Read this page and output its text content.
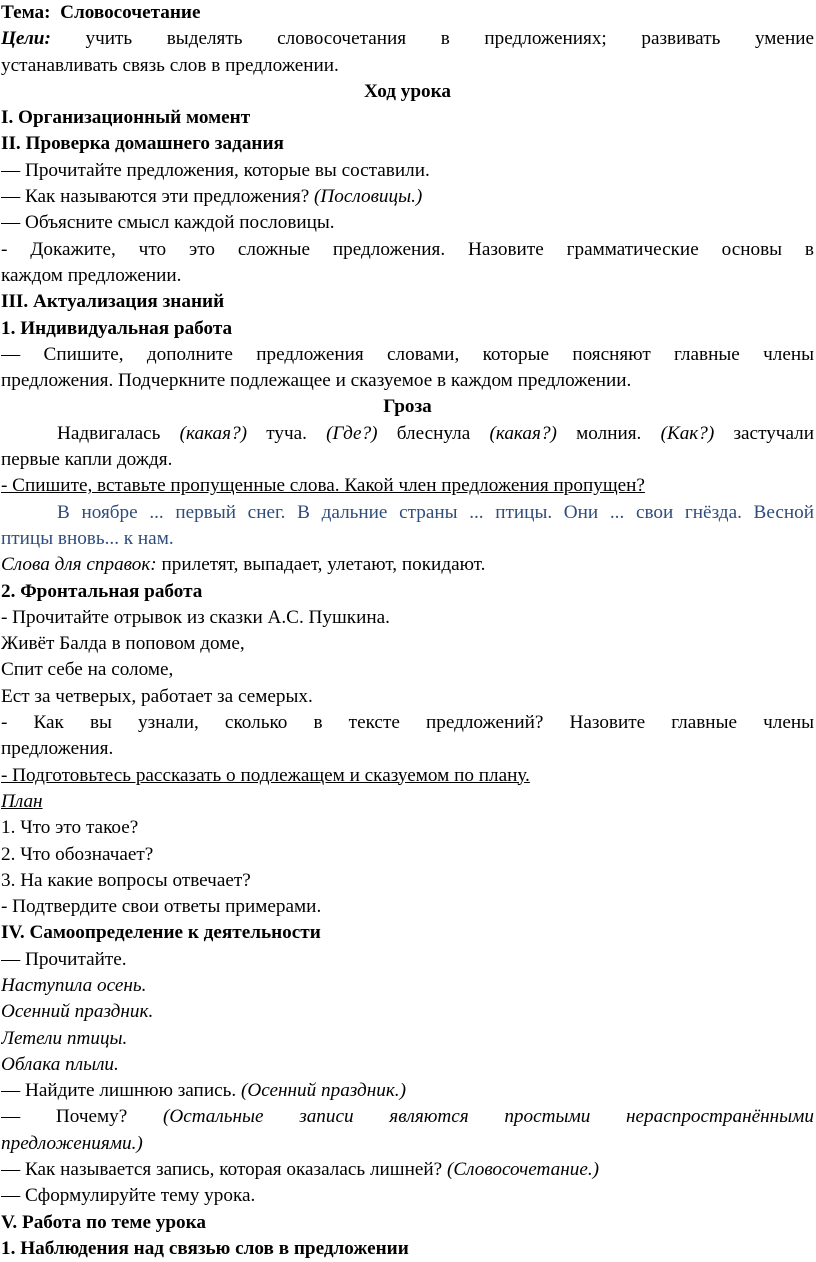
Тема: Словосочетание
Цели: учить выделять словосочетания в предложениях; развивать умение
устанавливать связь слов в предложении.
Ход урока
I. Организационный момент
II. Проверка домашнего задания
— Прочитайте предложения, которые вы составили.
— Как называются эти предложения? (Пословицы.)
— Объясните смысл каждой пословицы.
- Докажите, что это сложные предложения. Назовите грамматические основы в
каждом предложении.
III. Актуализация знаний
1. Индивидуальная работа
— Спишите, дополните предложения словами, которые поясняют главные члены
предложения. Подчеркните подлежащее и сказуемое в каждом предложении.
Гроза
Надвигалась (какая?) туча. (Где?) блеснула (какая?) молния. (Как?) застучали
первые капли дождя.
- Спишите, вставьте пропущенные слова. Какой член предложения пропущен?
В ноябре ... первый снег. В дальние страны ... птицы. Они ... свои гнёзда. Весной
птицы вновь... к нам.
Слова для справок: прилетят, выпадает, улетают, покидают.
2. Фронтальная работа
- Прочитайте отрывок из сказки А.С. Пушкина.
Живёт Балда в поповом доме,
Спит себе на соломе,
Ест за четверых, работает за семерых.
- Как вы узнали, сколько в тексте предложений? Назовите главные члены
предложения.
- Подготовьтесь рассказать о подлежащем и сказуемом по плану.
План
1. Что это такое?
2. Что обозначает?
3. На какие вопросы отвечает?
- Подтвердите свои ответы примерами.
IV. Самоопределение к деятельности
— Прочитайте.
Наступила осень.
Осенний праздник.
Летели птицы.
Облака плыли.
— Найдите лишнюю запись. (Осенний праздник.)
— Почему? (Остальные записи являются простыми нераспространёнными
предложениями.)
— Как называется запись, которая оказалась лишней? (Словосочетание.)
— Сформулируйте тему урока.
V. Работа по теме урока
1. Наблюдения над связью слов в предложении
